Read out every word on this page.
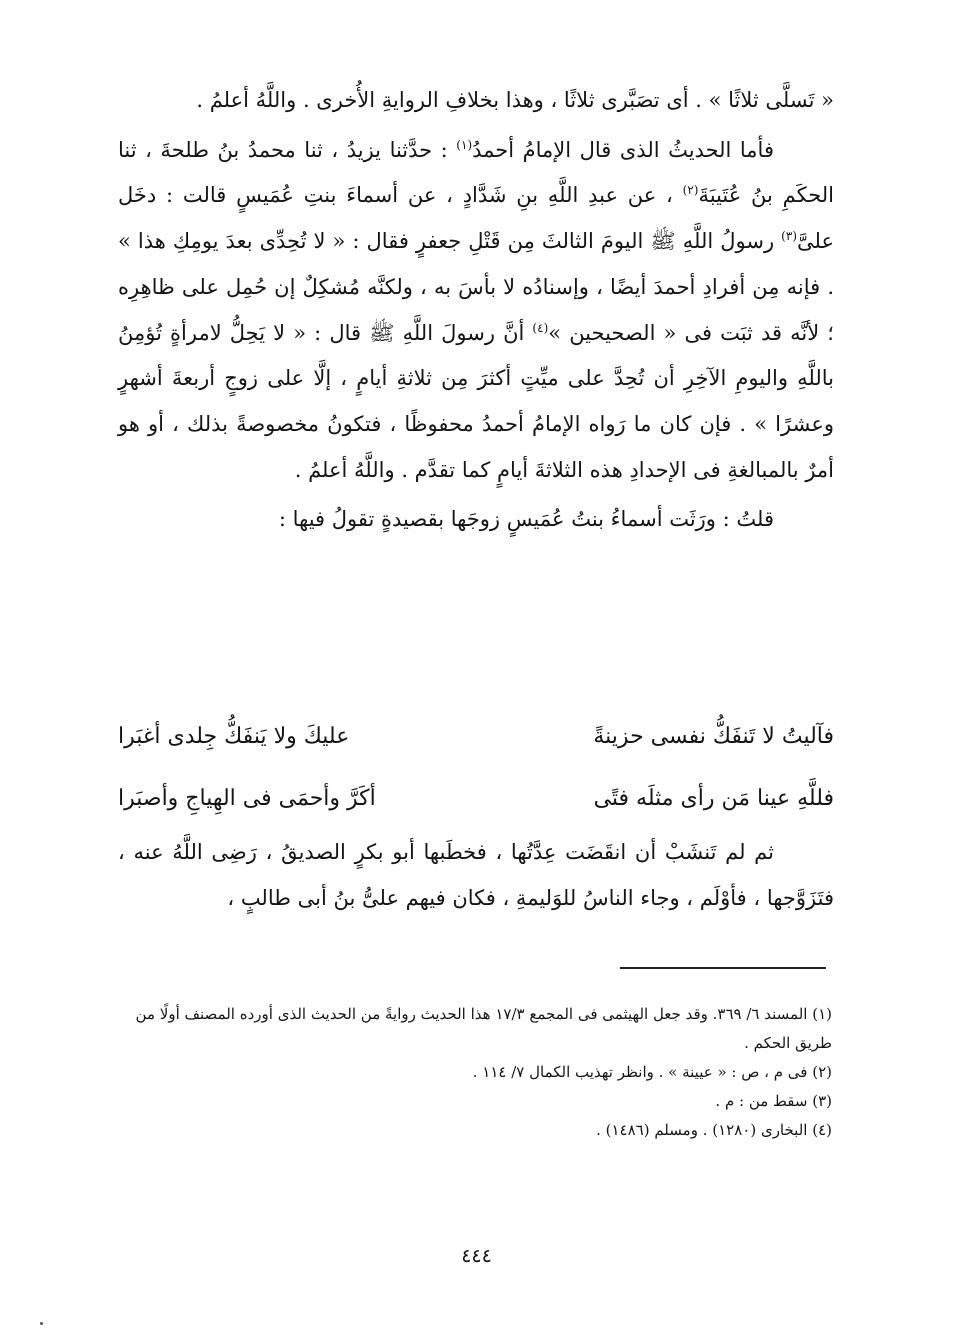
« تَسلَّى ثلاثًا » . أى تصَبَّرى ثلاثًا ، وهذا بخلافِ الروايةِ الأُخرى . واللَّهُ أعلمُ .

فأما الحديثُ الذى قال الإمامُ أحمدُ$^{(١)}$ : حدَّثنا يزيدُ ، ثنا محمدُ بنُ طلحةَ ، ثنا الحكَمِ بنُ عُتَيبَةَ$^{(٢)}$ ، عن عبدِ اللَّهِ بنِ شَدَّادٍ ، عن أسماءَ بنتِ عُمَيسٍ قالت : دخَل علىَّ$^{(٣)}$ رسولُ اللَّهِ ﷺ اليومَ الثالثَ مِن قَتْلِ جعفرٍ فقال : « لا تُحِدِّى بعدَ يومِكِ هذا » . فإنه مِن أفرادِ أحمدَ أيضًا ، وإسنادُه لا بأسَ به ، ولكنَّه مُشكِلٌ إن حُمِل على ظاهِرِه ؛ لأنَّه قد ثبَت فى « الصحيحين »$^{(٤)}$ أنَّ رسولَ اللَّهِ ﷺ قال : « لا يَحِلُّ لامرأةٍ تُؤمِنُ باللَّهِ واليومِ الآخِرِ أن تُحِدَّ على ميِّتٍ أكثرَ مِن ثلاثةِ أيامٍ ، إلَّا على زوجٍ أربعةَ أشهرٍ وعشرًا » . فإن كان ما رَواه الإمامُ أحمدُ محفوظًا ، فتكونُ مخصوصةً بذلك ، أو هو أمرٌ بالمبالغةِ فى الإحدادِ هذه الثلاثةَ أيامٍ كما تقدَّم . واللَّهُ أعلمُ .

قلتُ : ورَثَت أسماءُ بنتُ عُمَيسٍ زوجَها بقصيدةٍ تقولُ فيها :

فآليتُ لا تَنفَكُّ نفسى حزينةً
عليكَ ولا يَنفَكُّ جِلدى أغبَرا
فللَّهِ عينا مَن رأى مثلَه فتًى
أكَرَّ وأحمَى فى الهِياجِ وأصبَرا

ثم لم تَنشَبْ أن انقَضَت عِدَّتُها ، فخطَبها أبو بكرٍ الصديقُ ، رَضِى اللَّهُ عنه ، فتَزَوَّجها ، فأوْلَم ، وجاء الناسُ للوَليمةِ ، فكان فيهم علىُّ بنُ أبى طالبٍ ،

(١) المسند ٦/ ٣٦٩. وقد جعل الهيثمى فى المجمع ١٧/٣ هذا الحديث روايةً من الحديث الذى أورده المصنف أولًا من طريق الحكم .

(٢) فى م ، ص : « عيينة » . وانظر تهذيب الكمال ٧/ ١١٤ .

(٣) سقط من : م .

(٤) البخارى (١٢٨٠) . ومسلم (١٤٨٦) .

٤٤٤
